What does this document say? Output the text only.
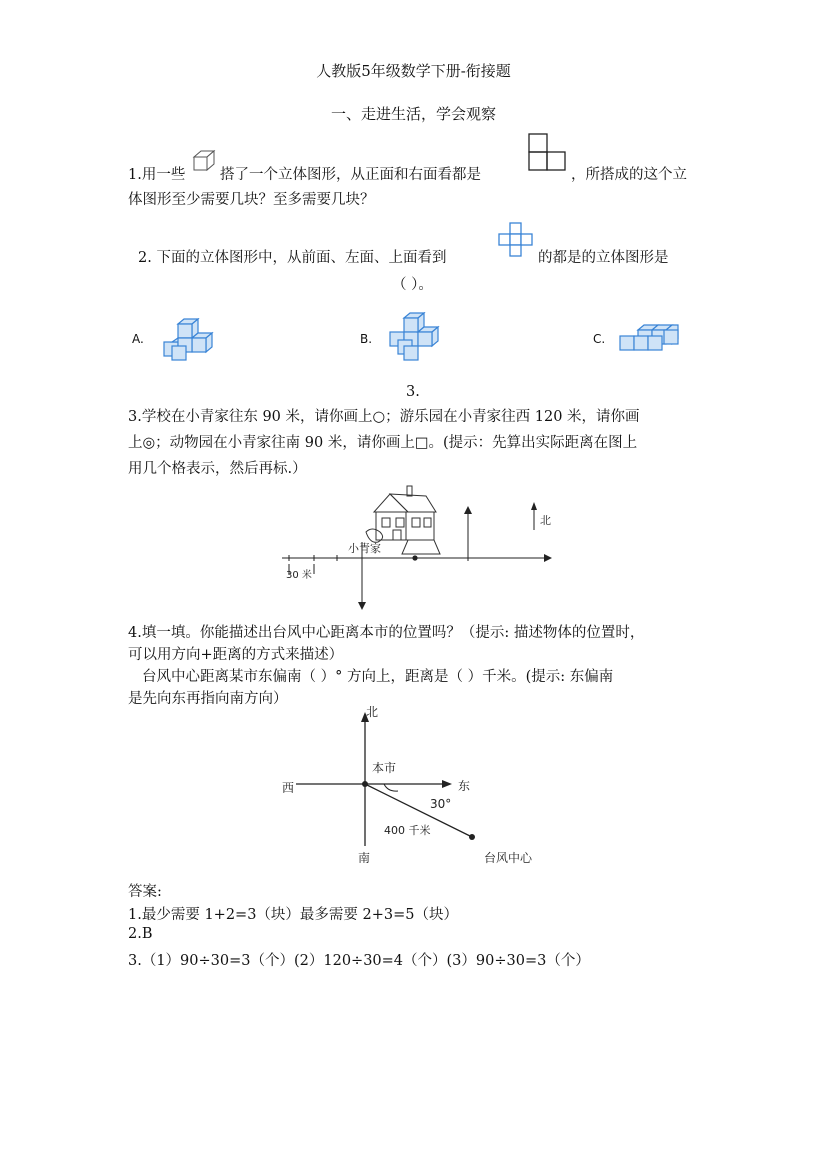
人教版5年级数学下册-衔接题
一、走进生活，学会观察
1.用一些 搭了一个立体图形，从正面和右面看都是	，所搭成的这个立
体图形至少需要几块？至多需要几块？
2. 下面的立体图形中，从前面、左面、上面看到	的都是的立体图形是
（ ）。
A.	B.	C.
3.
3.学校在小青家往东 90 米，请你画上○；游乐园在小青家往西 120 米，请你画
上◎；动物园在小青家往南 90 米，请你画上□。(提示：先算出实际距离在图上
用几个格表示，然后再标.）
小青家
北
30 米
4.填一填。你能描述出台风中心距离本市的位置吗？（提示: 描述物体的位置时，
可以用方向+距离的方式来描述）
台风中心距离某市东偏南（ ）° 方向上，距离是（ ）千米。(提示: 东偏南
是先向东再指向南方向）
北
南
东
西
本市
30°
400 千米
台风中心
答案:
1.最少需要 1+2=3（块）最多需要 2+3=5（块）
2.B
3.（1）90÷30=3（个）(2）120÷30=4（个）(3）90÷30=3（个）
